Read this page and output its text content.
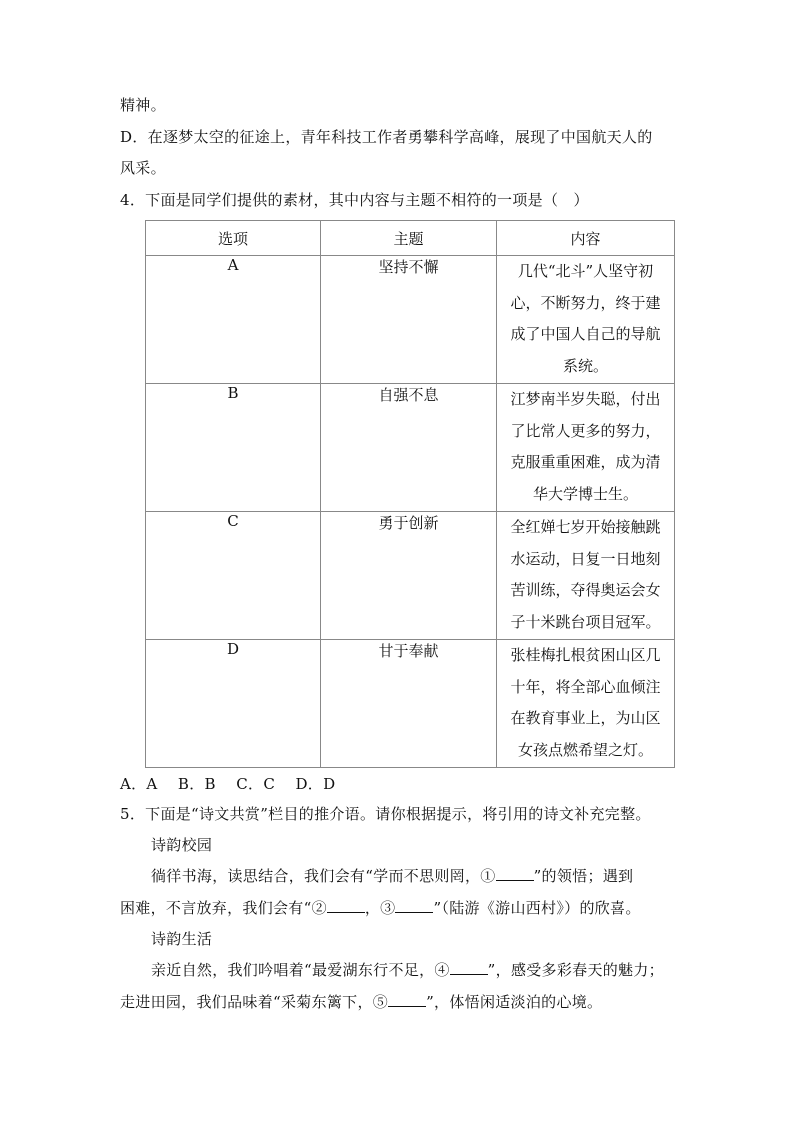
精神。
D．在逐梦太空的征途上，青年科技工作者勇攀科学高峰，展现了中国航天人的
风采。
4．下面是同学们提供的素材，其中内容与主题不相符的一项是（　）
选项	主题	内容
A	坚持不懈	几代“北斗”人坚守初
心，不断努力，终于建
成了中国人自己的导航
系统。

B	自强不息	江梦南半岁失聪，付出
了比常人更多的努力，
克服重重困难，成为清
华大学博士生。

C	勇于创新	全红婵七岁开始接触跳
水运动，日复一日地刻
苦训练，夺得奥运会女
子十米跳台项目冠军。

D	甘于奉献	张桂梅扎根贫困山区几
十年，将全部心血倾注
在教育事业上，为山区
女孩点燃希望之灯。
A．A　 B．B　 C．C　 D．D
5．下面是“诗文共赏”栏目的推介语。请你根据提示，将引用的诗文补充完整。
诗韵校园
徜徉书海，读思结合，我们会有“学而不思则罔，①	”的领悟；遇到
困难，不言放弃，我们会有“②	，③	”（陆游《游山西村》）的欣喜。
诗韵生活
亲近自然，我们吟唱着“最爱湖东行不足，④	”，感受多彩春天的魅力；
走进田园，我们品味着“采菊东篱下，⑤	”，体悟闲适淡泊的心境。
